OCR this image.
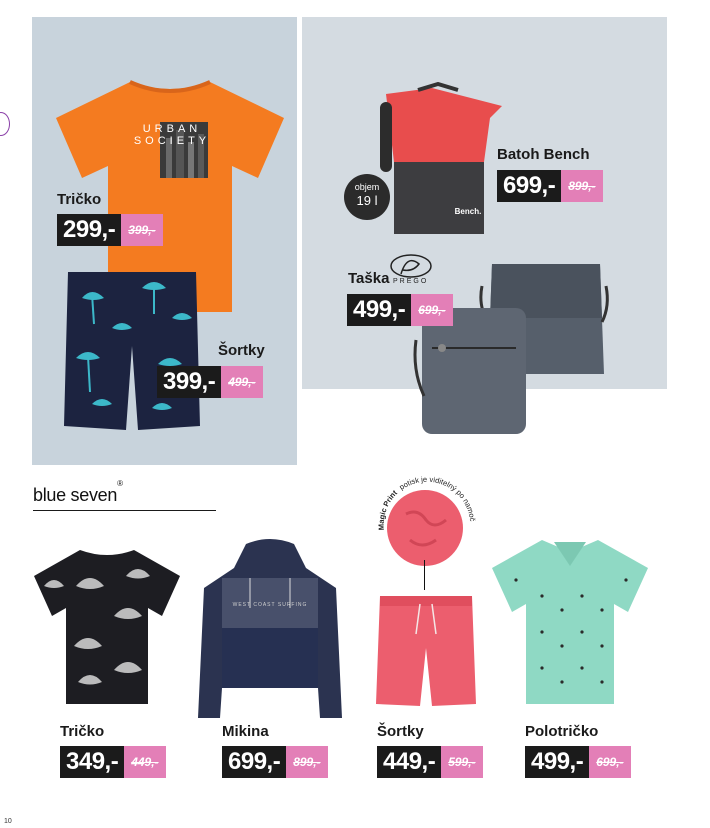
URBAN
SOCIETY
Tričko
299,-	399,-
Šortky
399,-	499,-
Bench.
objem
19 l
Batoh Bench
699,-	899,-
PREGO
Taška
499,-	699,-
blue seven®
WEST COAST SURFING
Magic Print potisk je viditelný po namoč
Tričko
349,-	449,-
Mikina
699,-	899,-
Šortky
449,-	599,-
Polotričko
499,-	699,-
10
